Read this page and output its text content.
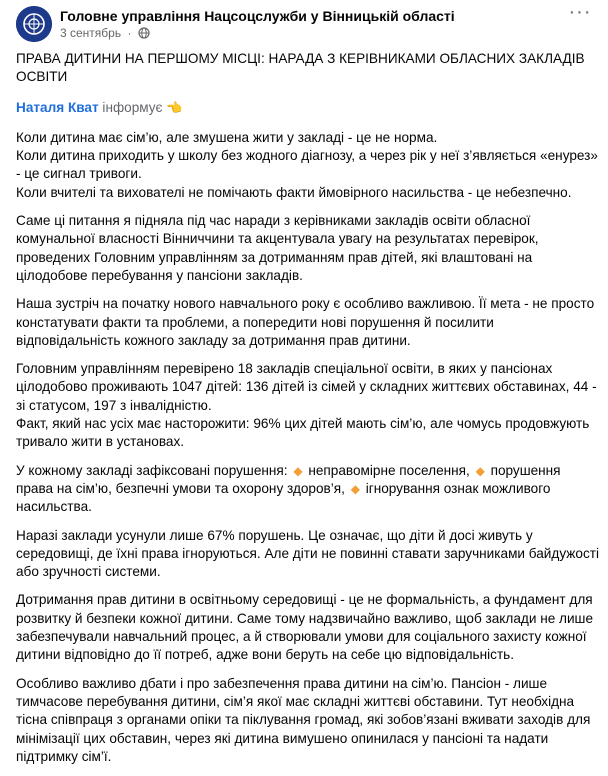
Головне управління Нацсоцслужби у Вінницькій області
3 сентябрь ·
···

ПРАВА ДИТИНИ НА ПЕРШОМУ МІСЦІ: НАРАДА З КЕРІВНИКАМИ ОБЛАСНИХ ЗАКЛАДІВ ОСВІТИ

Наталя Кват інформує 👈

Коли дитина має сім’ю, але змушена жити у закладі - це не норма.
Коли дитина приходить у школу без жодного діагнозу, а через рік у неї з’являється «енурез» - це сигнал тривоги.
Коли вчителі та вихователі не помічають факти ймовірного насильства - це небезпечно.

Саме ці питання я підняла під час наради з керівниками закладів освіти обласної комунальної власності Вінниччини та акцентувала увагу на результатах перевірок, проведених Головним управлінням за дотриманням прав дітей, які влаштовані на цілодобове перебування у пансіони закладів.

Наша зустріч на початку нового навчального року є особливо важливою. Її мета - не просто констатувати факти та проблеми, а попередити нові порушення й посилити відповідальність кожного закладу за дотримання прав дитини.

Головним управлінням перевірено 18 закладів спеціальної освіти, в яких у пансіонах цілодобово проживають 1047 дітей: 136 дітей із сімей у складних життєвих обставинах, 44 - зі статусом, 197 з інвалідністю.
Факт, який нас усіх має насторожити: 96% цих дітей мають сім’ю, але чомусь продовжують тривало жити в установах.

У кожному закладі зафіксовані порушення: ◆ неправомірне поселення, ◆ порушення права на сім’ю, безпечні умови та охорону здоров’я, ◆ ігнорування ознак можливого насильства.

Наразі заклади усунули лише 67% порушень. Це означає, що діти й досі живуть у середовищі, де їхні права ігноруються. Але діти не повинні ставати заручниками байдужості або зручності системи.

Дотримання прав дитини в освітньому середовищі - це не формальність, а фундамент для розвитку й безпеки кожної дитини. Саме тому надзвичайно важливо, щоб заклади не лише забезпечували навчальний процес, а й створювали умови для соціального захисту кожної дитини відповідно до її потреб, адже вони беруть на себе цю відповідальність.

Особливо важливо дбати і про забезпечення права дитини на сім’ю. Пансіон - лише тимчасове перебування дитини, сім’я якої має складні життєві обставини. Тут необхідна тісна співпраця з органами опіки та піклування громад, які зобов’язані вживати заходів для мінімізації цих обставин, через які дитина вимушено опинилася у пансіоні та надати підтримку сім’ї.
